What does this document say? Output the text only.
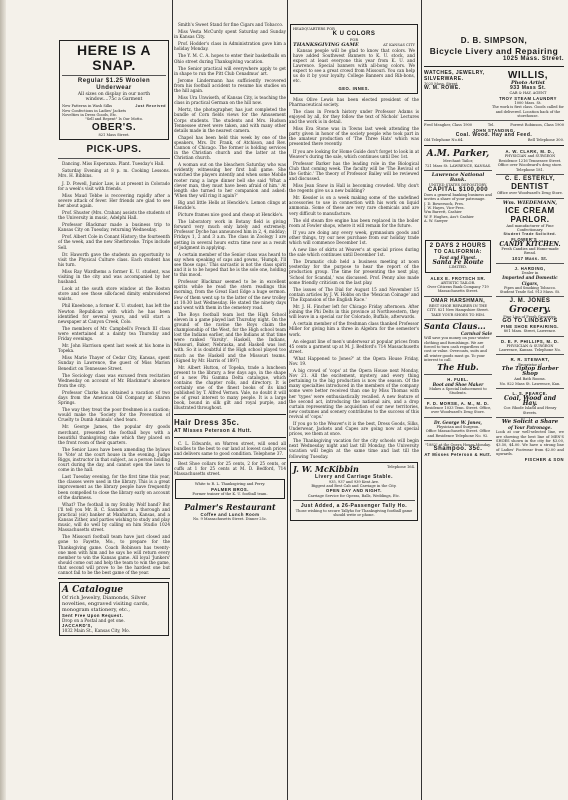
HERE IS A SNAP.
Regular $1.25 Woolen Underwear
All sizes on display in our north window....75c a Garment

New Patterns in Wash Silks

New Confections in Ladies' Jackets

Novelties in Dress Goods, Etc.

Just Received

"Sell and Repent" Is Our Motto.

OBER'S.
821 Mass Street.
PICK-UPS.

Dancing. Miss Esperanza. Plant. Tuesday's Hall.

Saturday Evening at 8 p. m. Cooking Lessons. Mrs. H. Bibbins.

J. D. Powell, Junior Law, is at present in Colorado for a week's visit with friends.

Miss Maud Tebbe is recovering rapidly after a severe attack of fever. Her friends are glad to see her about again.

Prof. Shuster (Mrs. Crahan) assists the students of the University in music, Adelphi Hall.

Professor Blackmar made a business trip to Kansas City on Tuesday, returning Wednesday.

Prof. Albert Cole in Conant History; the fourteenth of the week, and the new Sherbrooke. Trips include Sell.

Dr. Haworth gave the students an opportunity to visit the Physical Culture class. Each student has his turn.

Miss Ray Wardhems a former K. U. student, was visiting in the city and was accompanied by her husband.

Look at the south store window at the Boston store and see those silk-faced dimity embroidered waists.

Phil Kneebone, a former K. U. student, has left the Newton Republican with which he has been identified for several years, and will start a newspaper at Canyon Creek, Colo.

The members of Mr. Campbell's French III class were entertained at a dainty tea Thursday and Friday evenings.

Mr. John Harrison spent last week at his home in Topeka.

Miss Marie Thayer of Cedar City, Kansas, spent Sunday in Lawrence, the guest of Miss Marion Benedict on Tennessee Street.

The Sociology class was excused from recitation Wednesday on account of Mr. Blackmar's absence from the city.

Professor Clarke has obtained a vacation of two days from the American Oil Company at Sharon Springs.

The way they treat the poor freshmen is a caution; would make the 'Society for the Prevention of Cruelty to Dumb Animals' shed tears.

Mr. George James, the popular dry goods merchant, presented the football boys with a beautiful thanksgiving cake which they placed on the front room of their quarters.

The Senior Laws have been amending the bylaws to 'Vote' at the court house in the evening. Judge Riggs, instructor in that subject, as a person holding court during the day, and cannot open the laws to come in the hall.

Last Tuesday evening, for the first time this year, the classes were used in the library. This is a great improvement as the library people have frequently been compelled to close the library early on account of the darkness.

What? The football in my Stubby Wolf band? But I'll tell you Mr. B. C. Saunders is a thorough and practical (sic) banker at Manhattan, Kansas, and a Kansas Zither, and parties wishing to study and play music, will do well by calling on him Studio 1024 Massachusetts street.

The Missouri football team have just closed and gone to Fayette, Mo., to prepare for the Thanksgiving game. Coach Robinson has twenty-one men with him and he says he will return every member to win the Kansas game. All loyal 'Junkers' should come out and help the team to win the game, that second will prove to be the hardest one but cannot fail to be the best game of the year.

A Catalogue

Of rich Jewelry, Diamonds, Silver novelties, engraved visiting cards, monogram stationery, etc.,

Sent Free Upon Request.

Drop on a Postal and get one.

JACCARD'S,

1032 Main St., Kansas City, Mo.

Smith's Sweet Stand for fine Cigars and Tobacco.

Miss Vesta McCurdy spent Saturday and Sunday in Kansas City.

Prof. Hodder's class in Administration gave him a holiday Monday.

The Y. M. C. A. hopes to enter their basketballs on Ohio street during Thanksgiving vacation.

The Senior practical will everywhere apply to get in shape to run the Pitt Club Cenadmus' art.

Jerome Lindermann has sufficiently recovered from his football accident to resume his studies on the hill again.

Miss Ura Unwiseth, of Kansas City, is teaching the class in practical German on the hill now.

Mertz, the photographer, has just completed the bundle of Corn fields views for the Amusement Corps students. The students and Mrs. Hudson Tennessee street were taken, and with many other details made in the nearest camera.

Chapel has been held this week by one of the speakers, Mrs. Dr. Frank, of Atchison, and Rev. Cannon of Chicago. The former is holding services in the Christian church and the latter at the Christian church.

A woman out on the bleachers Saturday who was evidently witnessing her first ball game. She watched the players intently and when some Mobile rooter rang a large dinner bell she said 'What a clever man, they must have been afraid of him.' At length she turned to her companion and asked: 'When they will ring it again?'

Big and little Hells at Henckle's. Lemon clings at Henckle's.

Picture frames nice good and cheap at Henckle's.

The laboratory work in Botany field is giving forward very much only lately and extremely. Professor Dyche has announced him in 2, 4, midday; Fridays 1, 2 and 3 a.m. The class in Zoology I are getting in several hours extra time now as a result of judgment in applying.

A certain member of the Senior class was heard to say when speaking of caps and gowns, 'Humph, I'll see those caps.' This sarcastic is not the class spirit and it is to be hoped that he is the sole one, holding to this mood.

Professor Blackmar seemed to be in excellent spirits while he read the stern readings this morning, from the Great East Edge a huge sermon. Few of them went up to the latter of the new trolley at 10:30 last Wednesday. He stated the ninety days and went with them in the cemetery road.

The Boys football team lost the High School eleven in a game played last Thursday night. On the ground of the ravine the Boys claim the championship of the West, for the High school team lost the Indians earlier, and the Indians at that time were ranked 'Varsity'. Haskell, the Indians, Missouri, Baker, Nebraska, and Haskell was lost with. So it is doubtful if the High school played too much as the Haskell and the Missouri teams. (Signed by Mr. Harris of 1897)

Mr. Albert Hutton, of Topeka, trade a luncheon present to the library, a few days ago, in the shape of a new Phi Gamma Delta catalogue, which contains the chapter rolls, and directory. It is certainly one of the finest books of its kind published by T. Alfred Vernon. Vale, no doubt it will be of great interest to many people. It is a large book, bound in silk gilt and royal purple, and illustrated throughout.

Hair Dress 35c.
AT Misses Peterson & Hutt.

C. L. Edwards, on Warren street, will send all bundles to the best to our land at lowest cash prices and delivers same to good condition. Telephone 37.

Best Shoe collars for 25 cents, 2 for 25 cents, or cuffs at 1 for 25 cents at M. D. Bedford, 714 Massachusetts street.

White to R. L. Thanksgiving and Ferry.

PALMER BROS.

Former trainer of the K. U. football team.

Palmer's Restaurant
Coffee and Lunch Room
No. 9 Massachusetts Street. Dinner 25c.

HEADQUARTERS FOR

K U COLORS

FOR

THANKSGIVING GAME	AT KANSAS CITY

Kansas people will be glad to know that colors. We have added Southwest Banners to K. U. stock, and expect at least everyone this year from K. U. and Lawrence. Special banners with all-bong colors. We expect to see a great crowd from Missouri. You can help us do it by your loyalty. College Banners and Rib-bons, etc.

GEO. INNES.

Miss Olive Lewis has been elected president of the Pharmaceutical society.

The class in French history under Professor Adams is enjoyed by all, for they follow the text of Nichols' Lectures and the work is in detail.

Miss Eva Stone was in Towns last week attending the party given in honor of the society people who took part in the amateur production of 'The Three Hats' which was presented there recently.

If you are looking for Home Guide don't forget to look in at Weaver's during the sale, which continues until Dec 1st.

Professor Barker has the leading role in the Biological Club that coming week. The faculty will be 'The Revival of the Gothic.' The theory of Professor Bailey will be reviewed and discussed.

Miss Jean Snow in Hall is becoming crowded. Why don't the regents give us a new building?

Mr. Kessler is on a week making some of the undefined accessories to use in connection with his work on liquid ammonia. Some of these are very rare chemicals and are very difficult to manufacture.

The old steam fire engine has been replaced in the boiler room at Fowler shops, where it will remain for the future.

If you are doing any every week, gymnasium goods and other things, try our new purchase from our holiday trade which will commence December 1st.

A new line of skirts at Weaver's at special prices during the sale which continues until December 1st.

The Dramatic club held a business meeting at noon yesterday for the purpose to hear the report of the production group. The time for presenting the next play, 'School for Scandal,' was discussed. Prof. Penny also made some friendly criticism on the last play.

The issues of The Dial for August 15 and November 15 contain articles by J. W. Hobbs on the 'Mexican Coinage' and 'The Expansion of the English Race.'

Mr. J. H. Fincher left for Chicago Friday afternoon. After joining the Phi Delts in this province at Northwestern, they will leave in a special car for Colorado, Buffalo, afterwards.

A certain member of the freshman class thanked Professor Miller for giving him a three in Algebra for the semester's work.

An elegant line of men's underwear at popular prices from 45 cents a garment up at M. J. Bedford's 714 Massachusetts street.

'What Happened to Jones?' at the Opera House Friday, Nov. 19.

A big crowd of 'cops' at the Opera House next Monday, Nov 21. All the excitement, mystery, and every thing pertaining to the big production is now the season. Of the many specialties introduced in the members of the company some were better received than one by Miss Thomas with her 'types' were enthusiastically recalled. A new feature of the second act, introducing the national airs, and a drop curtain representing the acquisition of our new territories, new costumes and scenery contributes to the success of this revival of 'cops.'

If you go to the Weaver's it is the best, Dress Goods, Silks, Underwear, Jackets and Capes are going now at special prices, we them at once.

The Thanksgiving vacation for the city schools will begin next Wednesday night and last till Monday, the University vacation will begin at the same time and last till the following Tuesday.

J. W. McKibbin	Telephone 164.

Livery and Carriage Stable.

935, 937 and 939 Kent Ave.

Biggest and Best Cab and Carriage in the City.

OPEN DAY AND NIGHT.

Carriage Service for Operas, Balls, Weddings, Etc.

Just Added, a 26-Passenger Tally Ho.

Those wishing to secure Tallyho for Thanksgiving football game should write or phone.

D. B. SIMPSON,
Bicycle Livery and Repairing
1025 Mass. Street.

WATCHES, JEWELRY, SILVERWARE.

1025 Mass. Street

W. M. ROWE.

WILLIS,

Photo Artist

933 Mass St.

CAB & HAY, AGENT

TROY STEAM LAUNDRY

1000 Mass. St.

The work is first class. Goods called for and delivered. Location back of the storehouse.

Fred Meagher, Class 1900	Tel.	Forrest Robinson, Class 1900

JOHN STANDING.

Coal. Wood. Hay and Feed.

Old Telephone No.64.	Bell Telephone 300.

A.M. Parker,

Merchant Tailor,

721 Mass St. LAWRENCE, KANSAS.

Lawrence National Bank.

UNITED STATES DEPOSITORY.

CAPITAL $100,000

Does a general banking business and invites a share of your patronage.

J. D. Bowersock, Pres.

J. W. Hayes, Vice-Pres.

Wm Barrett, Cashier

W. F. Hughes, Ass't Cashier

A. W. Sawyer

A. W. CLARK, M. D.,

PHYSICIAN and SURGEON

Residence 1216 Tennessee Street. Office over Woodward's drug store. Telephone 181.

C. E. ESTERLY,

DENTIST

Office over Woodward's Drug Store.

Wm. WIEDEMANN,

ICE CREAM

PARLOR.

And manufacturer of Fine Confectionary.

Student Trade Solicited.

2 DAYS 2 HOURS

TO CALIFORNIA:

Fast and Finest.

Santa Fe Route

LIMITED.

ALEX E. FROTSCH SR.

ARTISTIC TAILOR.

Over Citizens Bank Company 719 Massachusetts Street.

OMAR HARSHMAN,

BEST SHOE REPAIRER IN THE CITY. 821 New Hampshire Street. TAKE YOUR SHOES TO HIM.

Santa Claus...

Carnival Sale

Will save you money on your winter clothing and furnishings. We are forced to turn cash regardless of cost or value. Overcoats, suits and all winter goods must go. To your interest to call.

The Hub.

H. FUEL.

Boot and Shoe Maker

Makes a Special Inducement to Students.

F. D. MORSE, A. M., M. D.

Residence 1033 Tenn. Street. Office, over Woodward's Drug Store.

Dr. George W. Jones,

Physician and Surgeon.

Office Massachusetts Street. Office and Residence Telephone No. 92.

"1882" at the Opera House Monday.

Shampoo. 35c.

AT Misses Peterson & Hutt.

FLOWER'S ......

CANDY KITCHEN.

Fresh Candies and Home-made Bread.

1017 Mass. St.

J. HARDING,

Dealer in

Imported and Domestic Cigars,

Pipes and Smoking Tobacco.

Student Trade Sol. 913 Mass. St.

J. M. JONES

Grocery.

Fine Line of Fresh Groceries.

GO TO LINDSAY'S

FINE SHOE REPAIRING.

801 Mass. Street, Lawrence.

D. E. F. PHILLIPS, M. D.

PHYSICIAN & SURGEON

Lawrence, Kansas. Telephone No.

R. R. STEWART,

Proprietor of

The Tiptop Barber Shop

And Bath Rooms.

No. 822 Mass St. Lawrence, Kan.

L. S. PEARCE.

Coal, Wood and Hay.

Cor. Rhode Island and Henry Streets.

We Solicit a Share

of Your Patronage.

Look at our well-selected line, we are showing the best line of MEN'S SHOES shown in the city for $3.00, $3.50, $4.00. We have a strong line of Ladies' Footwear from $2.00 and upwards.

FISCHER & SON
